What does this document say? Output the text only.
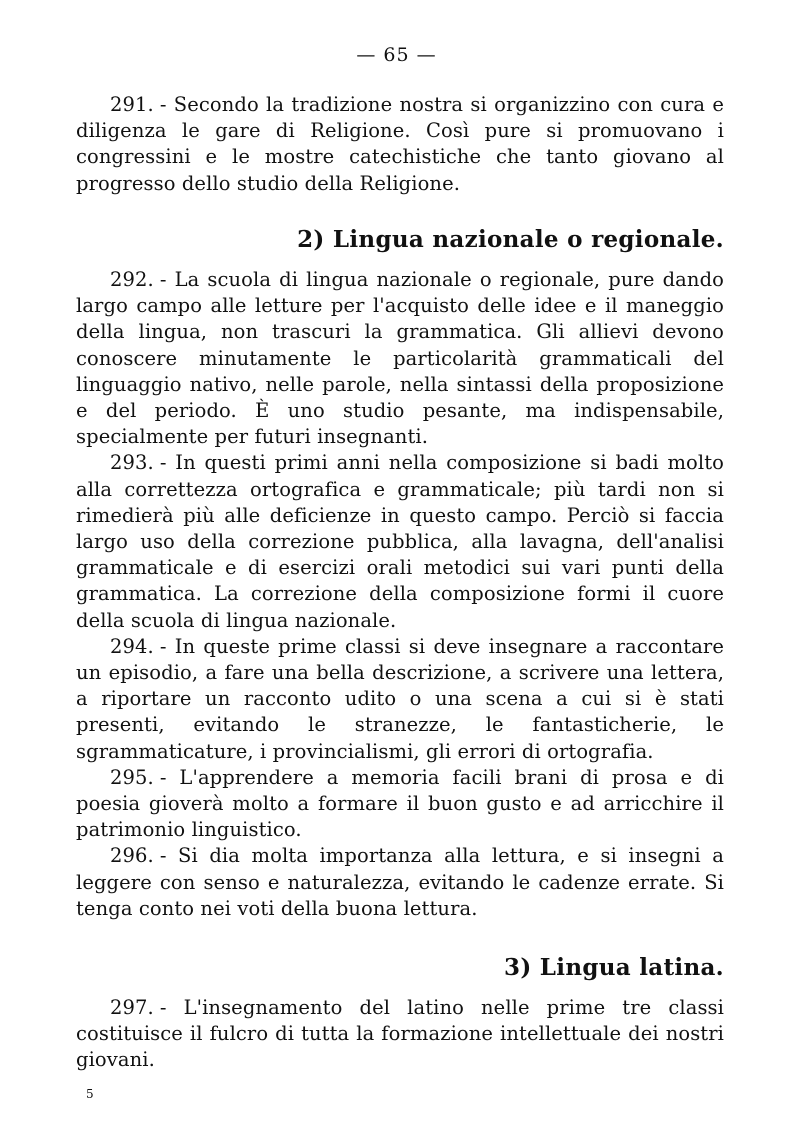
— 65 —

291. - Secondo la tradizione nostra si organizzino con cura e diligenza le gare di Religione. Così pure si promuovano i congressini e le mostre catechistiche che tanto giovano al progresso dello studio della Religione.

2) Lingua nazionale o regionale.

292. - La scuola di lingua nazionale o regionale, pure dando largo campo alle letture per l'acquisto delle idee e il maneggio della lingua, non trascuri la grammatica. Gli allievi devono conoscere minutamente le particolarità grammaticali del linguaggio nativo, nelle parole, nella sintassi della proposizione e del periodo. È uno studio pesante, ma indispensabile, specialmente per futuri insegnanti.

293. - In questi primi anni nella composizione si badi molto alla correttezza ortografica e grammaticale; più tardi non si rimedierà più alle deficienze in questo campo. Perciò si faccia largo uso della correzione pubblica, alla lavagna, dell'analisi grammaticale e di esercizi orali metodici sui vari punti della grammatica. La correzione della composizione formi il cuore della scuola di lingua nazionale.

294. - In queste prime classi si deve insegnare a raccontare un episodio, a fare una bella descrizione, a scrivere una lettera, a riportare un racconto udito o una scena a cui si è stati presenti, evitando le stranezze, le fantasticherie, le sgrammaticature, i provincialismi, gli errori di ortografia.

295. - L'apprendere a memoria facili brani di prosa e di poesia gioverà molto a formare il buon gusto e ad arricchire il patrimonio linguistico.

296. - Si dia molta importanza alla lettura, e si insegni a leggere con senso e naturalezza, evitando le cadenze errate. Si tenga conto nei voti della buona lettura.

3) Lingua latina.

297. - L'insegnamento del latino nelle prime tre classi costituisce il fulcro di tutta la formazione intellettuale dei nostri giovani.

5
